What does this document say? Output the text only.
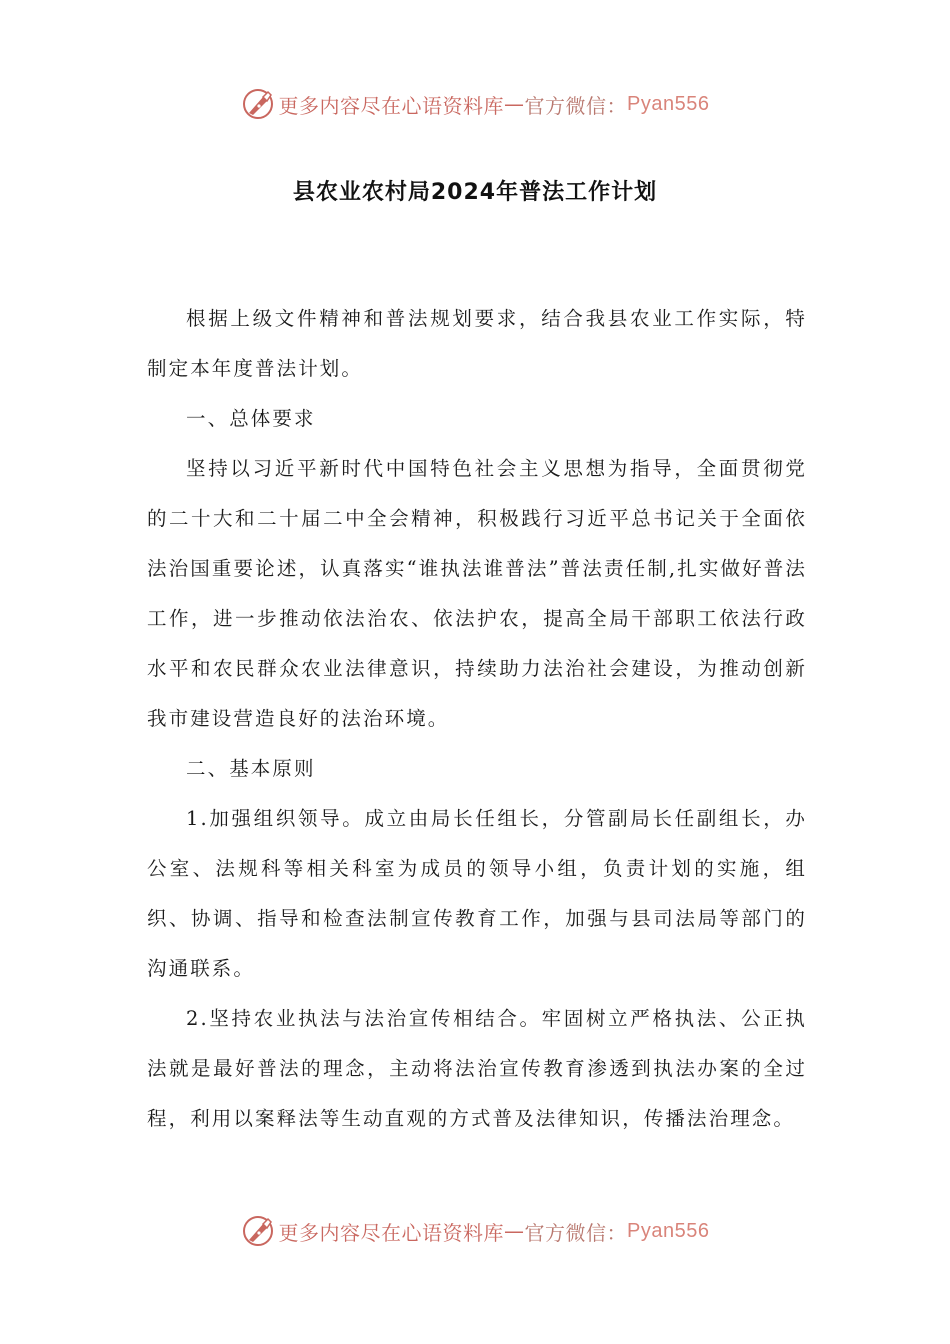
更多内容尽在心语资料库 — 官方微信： Pyan556
县农业农村局2024年普法工作计划

根据上级文件精神和普法规划要求，结合我县农业工作实际，特制定本年度普法计划。

一、总体要求

坚持以习近平新时代中国特色社会主义思想为指导，全面贯彻党的二十大和二十届二中全会精神，积极践行习近平总书记关于全面依法治国重要论述，认真落实“谁执法谁普法”普法责任制,扎实做好普法工作，进一步推动依法治农、依法护农，提高全局干部职工依法行政水平和农民群众农业法律意识，持续助力法治社会建设，为推动创新我市建设营造良好的法治环境。

二、基本原则

1.加强组织领导。成立由局长任组长，分管副局长任副组长，办公室、法规科等相关科室为成员的领导小组，负责计划的实施，组织、协调、指导和检查法制宣传教育工作，加强与县司法局等部门的沟通联系。

2.坚持农业执法与法治宣传相结合。牢固树立严格执法、公正执法就是最好普法的理念，主动将法治宣传教育渗透到执法办案的全过程，利用以案释法等生动直观的方式普及法律知识，传播法治理念。

更多内容尽在心语资料库 — 官方微信： Pyan556
